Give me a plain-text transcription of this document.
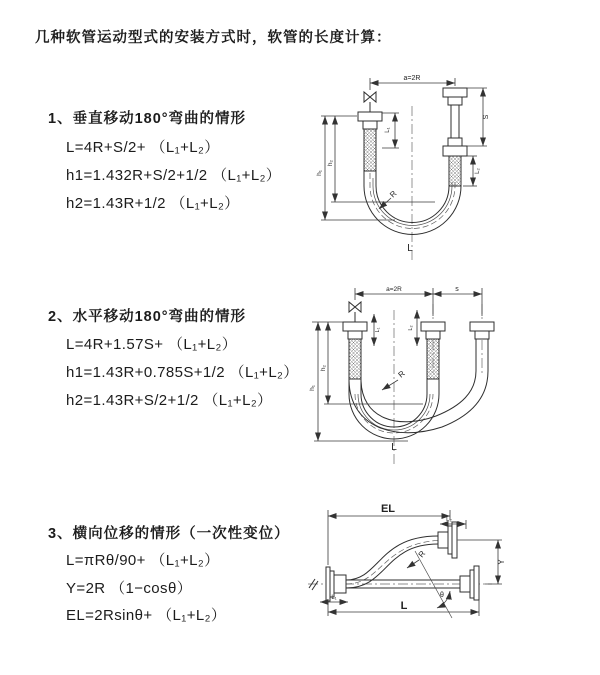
几种软管运动型式的安装方式时，软管的长度计算：
1、垂直移动180°弯曲的情形
L=4R+S/2+ （L₁+L₂）
h1=1.432R+S/2+1/2 （L₁+L₂）
h2=1.43R+1/2 （L₁+L₂）
2、水平移动180°弯曲的情形
L=4R+1.57S+ （L₁+L₂）
h1=1.43R+0.785S+1/2 （L₁+L₂）
h2=1.43R+S/2+1/2 （L₁+L₂）
3、横向位移的情形（一次性变位）
L=πRθ/90+ （L₁+L₂）
Y=2R （1−cosθ）
EL=2Rsinθ+ （L₁+L₂）
a=2R
h₁
h₂
L₁
S
L₂
R
L
a=2R	s
h₁
h₂
L₁	L₂
R
L
θ
R
EL
L₂
Y
L₁
L
